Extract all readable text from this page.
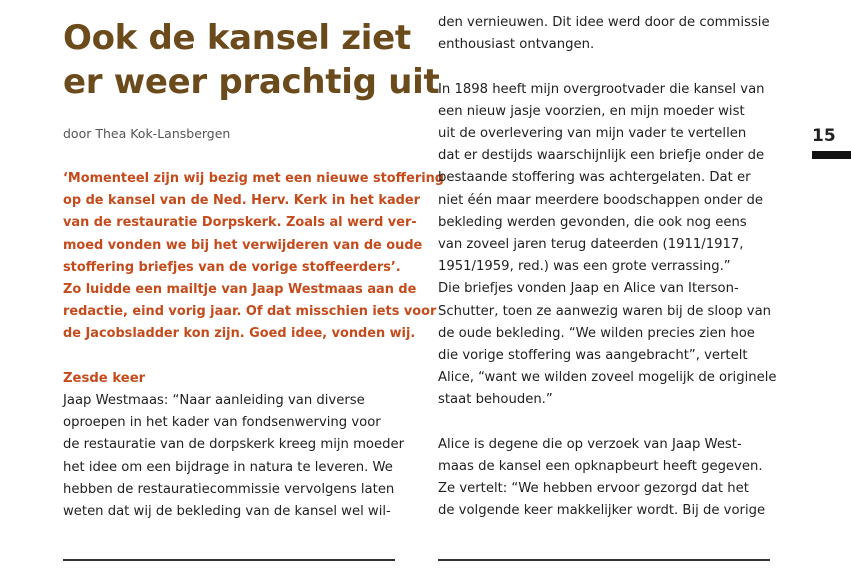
Ook de kansel ziet
er weer prachtig uit
door Thea Kok-Lansbergen
‘Momenteel zijn wij bezig met een nieuwe stoffering
op de kansel van de Ned. Herv. Kerk in het kader
van de restauratie Dorpskerk. Zoals al werd ver-
moed vonden we bij het verwijderen van de oude
stoffering briefjes van de vorige stoffeerders’.
Zo luidde een mailtje van Jaap Westmaas aan de
redactie, eind vorig jaar. Of dat misschien iets voor
de Jacobsladder kon zijn. Goed idee, vonden wij.
Zesde keer
Jaap Westmaas: “Naar aanleiding van diverse
oproepen in het kader van fondsenwerving voor
de restauratie van de dorpskerk kreeg mijn moeder
het idee om een bijdrage in natura te leveren. We
hebben de restauratiecommissie vervolgens laten
weten dat wij de bekleding van de kansel wel wil-
den vernieuwen. Dit idee werd door de commissie
enthousiast ontvangen.
In 1898 heeft mijn overgrootvader die kansel van
een nieuw jasje voorzien, en mijn moeder wist
uit de overlevering van mijn vader te vertellen
dat er destijds waarschijnlijk een briefje onder de
bestaande stoffering was achtergelaten. Dat er
niet één maar meerdere boodschappen onder de
bekleding werden gevonden, die ook nog eens
van zoveel jaren terug dateerden (1911/1917,
1951/1959, red.) was een grote verrassing.”
Die briefjes vonden Jaap en Alice van Iterson-
Schutter, toen ze aanwezig waren bij de sloop van
de oude bekleding. “We wilden precies zien hoe
die vorige stoffering was aangebracht”, vertelt
Alice, “want we wilden zoveel mogelijk de originele
staat behouden.”
Alice is degene die op verzoek van Jaap West-
maas de kansel een opknapbeurt heeft gegeven.
Ze vertelt: “We hebben ervoor gezorgd dat het
de volgende keer makkelijker wordt. Bij de vorige
15
